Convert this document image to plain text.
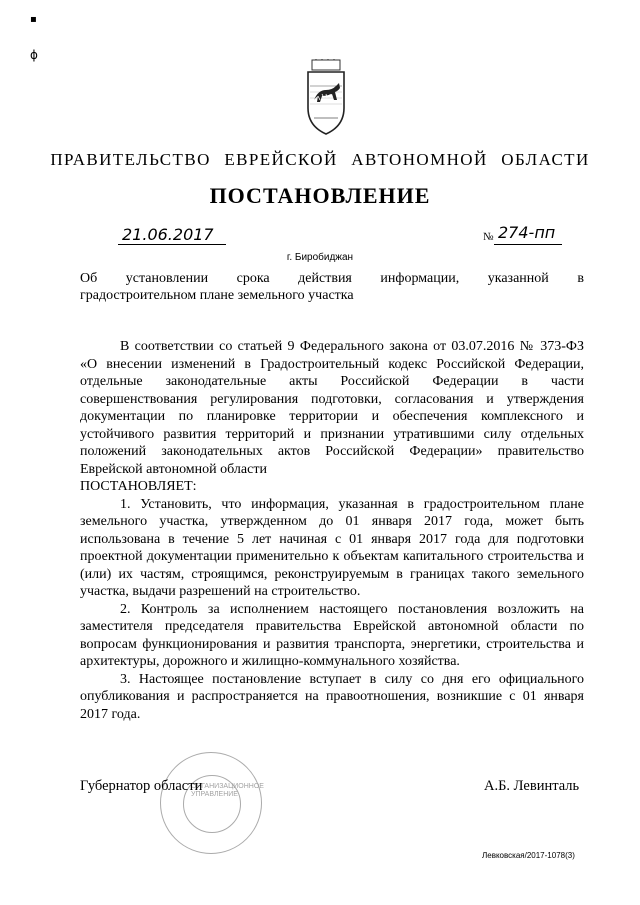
▪
ϕ
ПРАВИТЕЛЬСТВО ЕВРЕЙСКОЙ АВТОНОМНОЙ ОБЛАСТИ
ПОСТАНОВЛЕНИЕ
21.06.2017	№ 274-пп
г. Биробиджан
Об установлении срока действия информации, указанной в
градостроительном плане земельного участка

В соответствии со статьей 9 Федерального закона от 03.07.2016 № 373-ФЗ «О внесении изменений в Градостроительный кодекс Российской Федерации, отдельные законодательные акты Российской Федерации в части совершенствования регулирования подготовки, согласования и утверждения документации по планировке территории и обеспечения комплексного и устойчивого развития территорий и признании утратившими силу отдельных положений законодательных актов Российской Федерации» правительство Еврейской автономной области

ПОСТАНОВЛЯЕТ:

1. Установить, что информация, указанная в градостроительном плане земельного участка, утвержденном до 01 января 2017 года, может быть использована в течение 5 лет начиная с 01 января 2017 года для подготовки проектной документации применительно к объектам капитального строительства и (или) их частям, строящимся, реконструируемым в границах такого земельного участка, выдачи разрешений на строительство.

2. Контроль за исполнением настоящего постановления возложить на заместителя председателя правительства Еврейской автономной области по вопросам функционирования и развития транспорта, энергетики, строительства и архитектуры, дорожного и жилищно-коммунального хозяйства.

3. Настоящее постановление вступает в силу со дня его официального опубликования и распространяется на правоотношения, возникшие с 01 января 2017 года.

ОРГАНИЗАЦИОННОЕ УПРАВЛЕНИЕ
Губернатор области	А.Б. Левинталь
Левковская/2017-1078(3)
